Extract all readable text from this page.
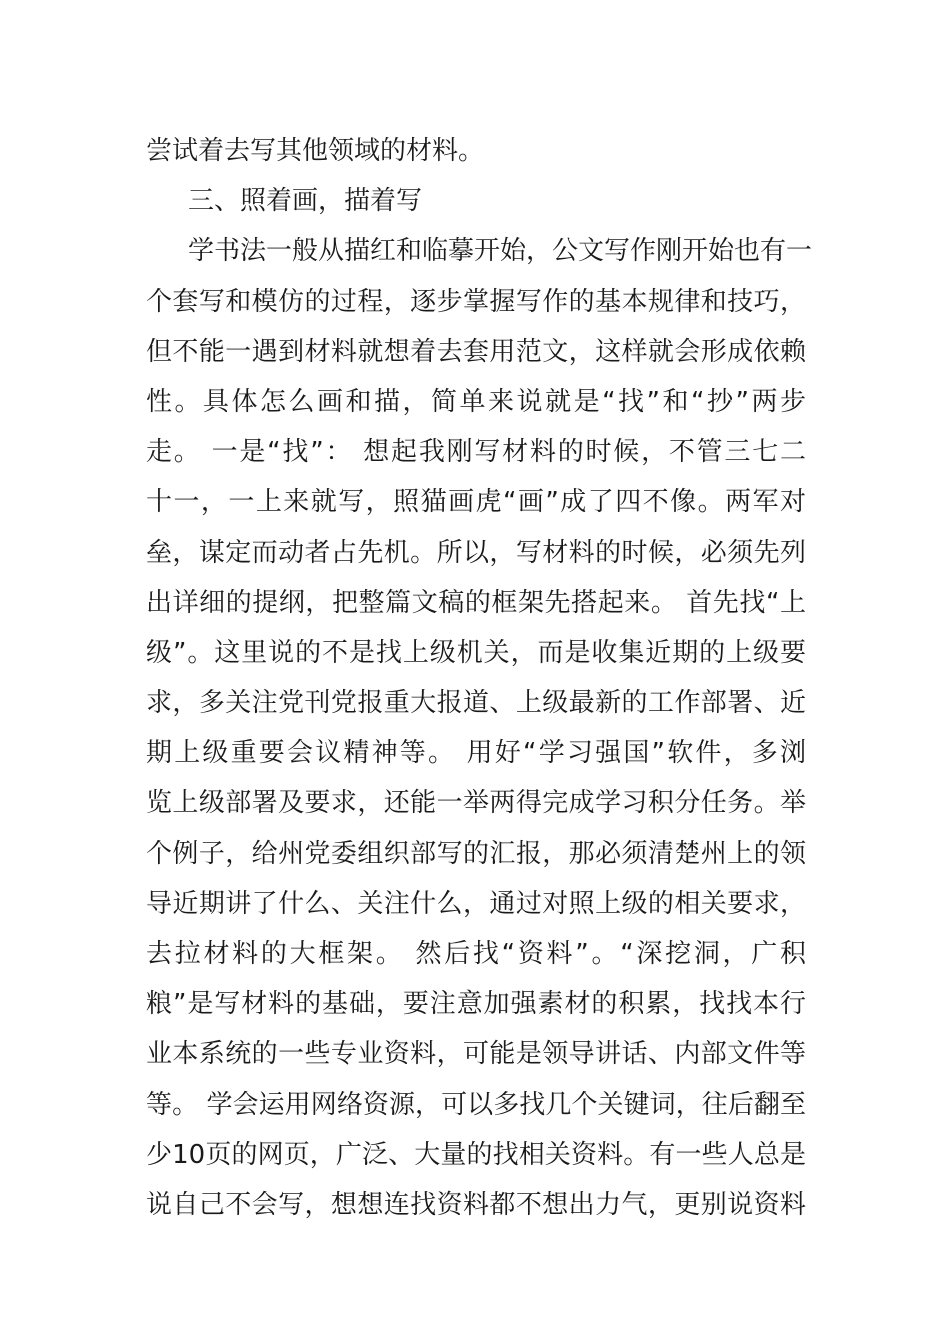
尝试着去写其他领域的材料。
三、照着画，描着写
学书法一般从描红和临摹开始，公文写作刚开始也有一
个套写和模仿的过程，逐步掌握写作的基本规律和技巧，
但不能一遇到材料就想着去套用范文，这样就会形成依赖
性。具体怎么画和描，简单来说就是“找”和“抄”两步
走。 一是“找”： 想起我刚写材料的时候，不管三七二
十一，一上来就写，照猫画虎“画”成了四不像。两军对
垒，谋定而动者占先机。所以，写材料的时候，必须先列
出详细的提纲，把整篇文稿的框架先搭起来。 首先找“上
级”。这里说的不是找上级机关，而是收集近期的上级要
求，多关注党刊党报重大报道、上级最新的工作部署、近
期上级重要会议精神等。 用好“学习强国”软件，多浏
览上级部署及要求，还能一举两得完成学习积分任务。举
个例子，给州党委组织部写的汇报，那必须清楚州上的领
导近期讲了什么、关注什么，通过对照上级的相关要求，
去拉材料的大框架。 然后找“资料”。“深挖洞，广积
粮”是写材料的基础，要注意加强素材的积累，找找本行
业本系统的一些专业资料，可能是领导讲话、内部文件等
等。 学会运用网络资源，可以多找几个关键词，往后翻至
少10页的网页，广泛、大量的找相关资料。有一些人总是
说自己不会写，想想连找资料都不想出力气，更别说资料
